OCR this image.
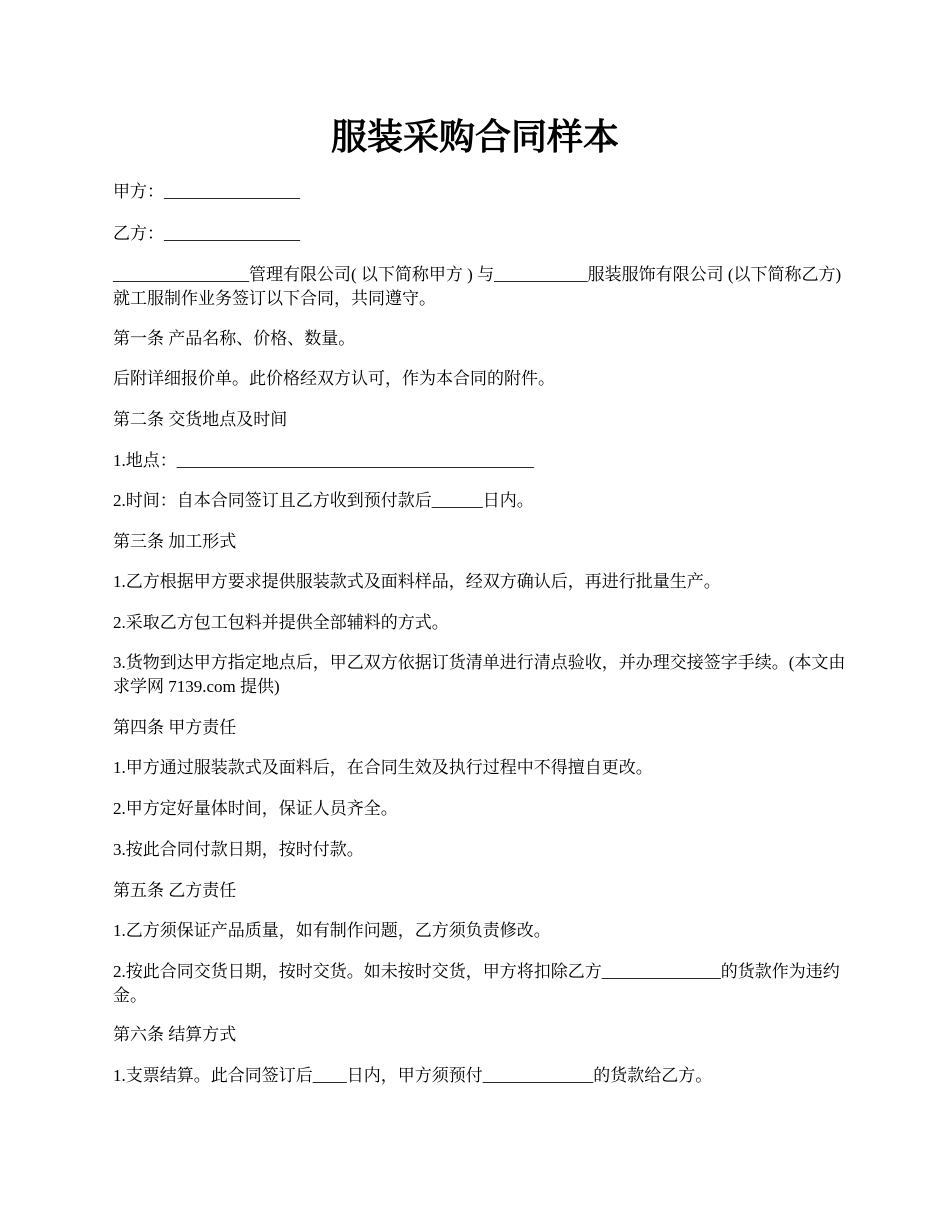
服装采购合同样本
甲方：________________
乙方：________________
________________管理有限公司( 以下简称甲方 ) 与___________服装服饰有限公司 (以下简称乙方) 就工服制作业务签订以下合同，共同遵守。
第一条 产品名称、价格、数量。
后附详细报价单。此价格经双方认可，作为本合同的附件。
第二条 交货地点及时间
1.地点：__________________________________________
2.时间：自本合同签订且乙方收到预付款后______日内。
第三条 加工形式
1.乙方根据甲方要求提供服装款式及面料样品，经双方确认后，再进行批量生产。
2.采取乙方包工包料并提供全部辅料的方式。
3.货物到达甲方指定地点后，甲乙双方依据订货清单进行清点验收，并办理交接签字手续。(本文由求学网 7139.com 提供)
第四条 甲方责任
1.甲方通过服装款式及面料后，在合同生效及执行过程中不得擅自更改。
2.甲方定好量体时间，保证人员齐全。
3.按此合同付款日期，按时付款。
第五条 乙方责任
1.乙方须保证产品质量，如有制作问题，乙方须负责修改。
2.按此合同交货日期，按时交货。如未按时交货，甲方将扣除乙方______________的货款作为违约金。
第六条 结算方式
1.支票结算。此合同签订后____日内，甲方须预付_____________的货款给乙方。
